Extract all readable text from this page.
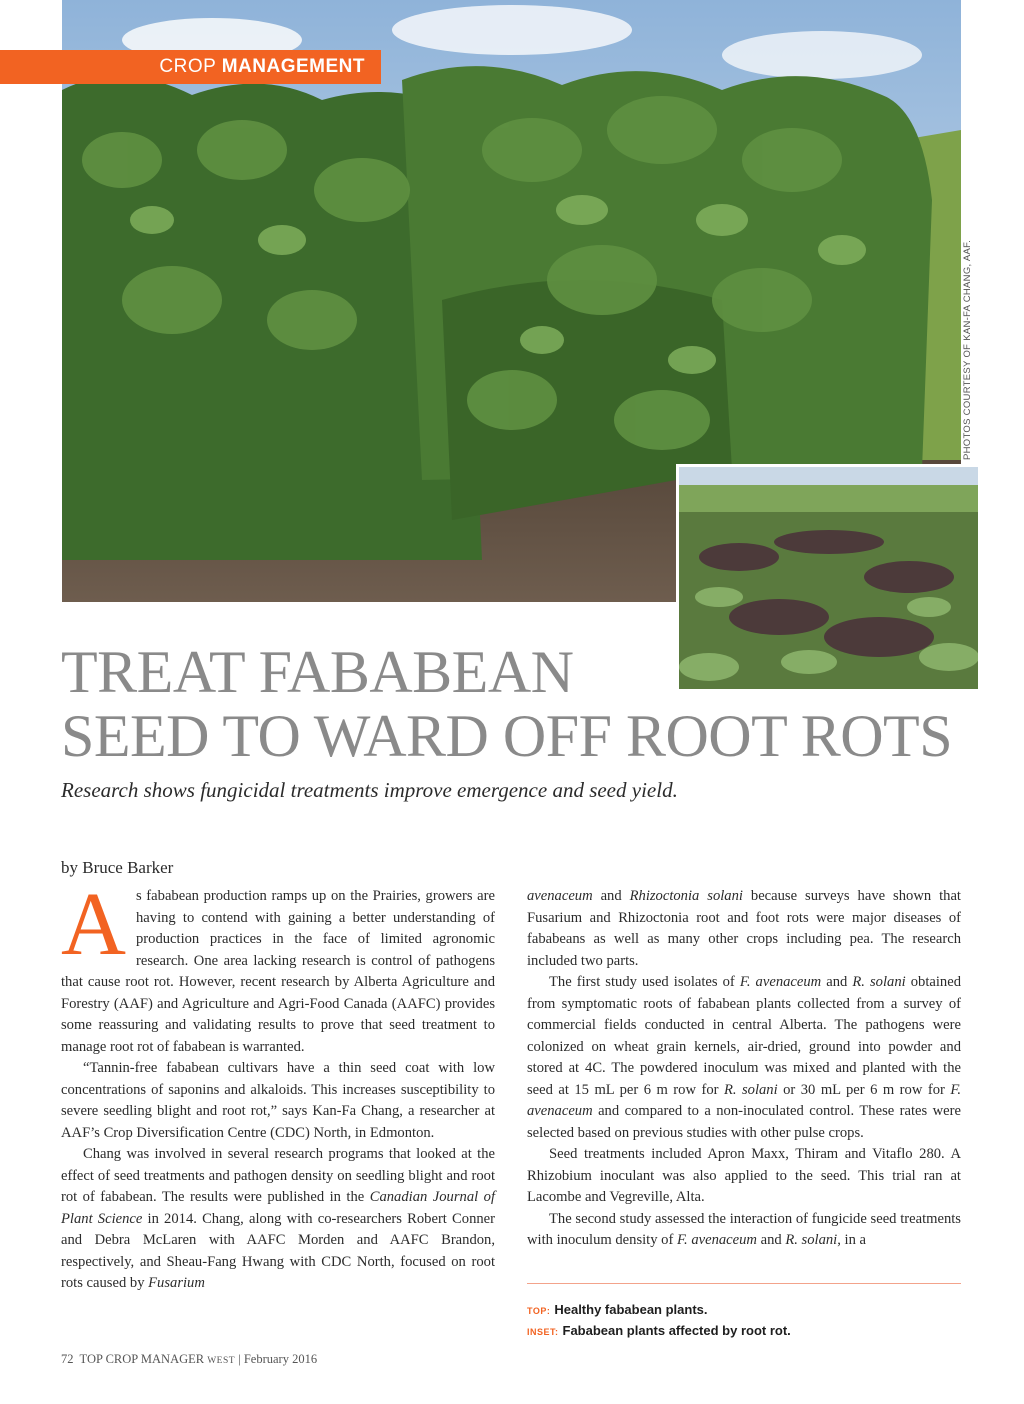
CROP MANAGEMENT
PHOTOS COURTESY OF KAN-FA CHANG, AAF.
TREAT FABABEAN
SEED TO WARD OFF ROOT ROTS

Research shows fungicidal treatments improve emergence and seed yield.

by Bruce Barker

As fababean production ramps up on the Prairies, growers are having to contend with gaining a better understanding of production practices in the face of limited agronomic research. One area lacking research is control of pathogens that cause root rot. However, recent research by Alberta Agriculture and Forestry (AAF) and Agriculture and Agri-Food Canada (AAFC) provides some reassuring and validating results to prove that seed treatment to manage root rot of fababean is warranted.

“Tannin-free fababean cultivars have a thin seed coat with low concentrations of saponins and alkaloids. This increases susceptibility to severe seedling blight and root rot,” says Kan-Fa Chang, a researcher at AAF’s Crop Diversification Centre (CDC) North, in Edmonton.

Chang was involved in several research programs that looked at the effect of seed treatments and pathogen density on seedling blight and root rot of fababean. The results were published in the Canadian Journal of Plant Science in 2014. Chang, along with co-researchers Robert Conner and Debra McLaren with AAFC Morden and AAFC Brandon, respectively, and Sheau-Fang Hwang with CDC North, focused on root rots caused by Fusarium

avenaceum and Rhizoctonia solani because surveys have shown that Fusarium and Rhizoctonia root and foot rots were major diseases of fababeans as well as many other crops including pea. The research included two parts.

The first study used isolates of F. avenaceum and R. solani obtained from symptomatic roots of fababean plants collected from a survey of commercial fields conducted in central Alberta. The pathogens were colonized on wheat grain kernels, air-dried, ground into powder and stored at 4C. The powdered inoculum was mixed and planted with the seed at 15 mL per 6 m row for R. solani or 30 mL per 6 m row for F. avenaceum and compared to a non-inoculated control. These rates were selected based on previous studies with other pulse crops.

Seed treatments included Apron Maxx, Thiram and Vitaflo 280. A Rhizobium inoculant was also applied to the seed. This trial ran at Lacombe and Vegreville, Alta.

The second study assessed the interaction of fungicide seed treatments with inoculum density of F. avenaceum and R. solani, in a

TOP: Healthy fababean plants.
INSET: Fababean plants affected by root rot.
72 TOP CROP MANAGER WEST | February 2016
